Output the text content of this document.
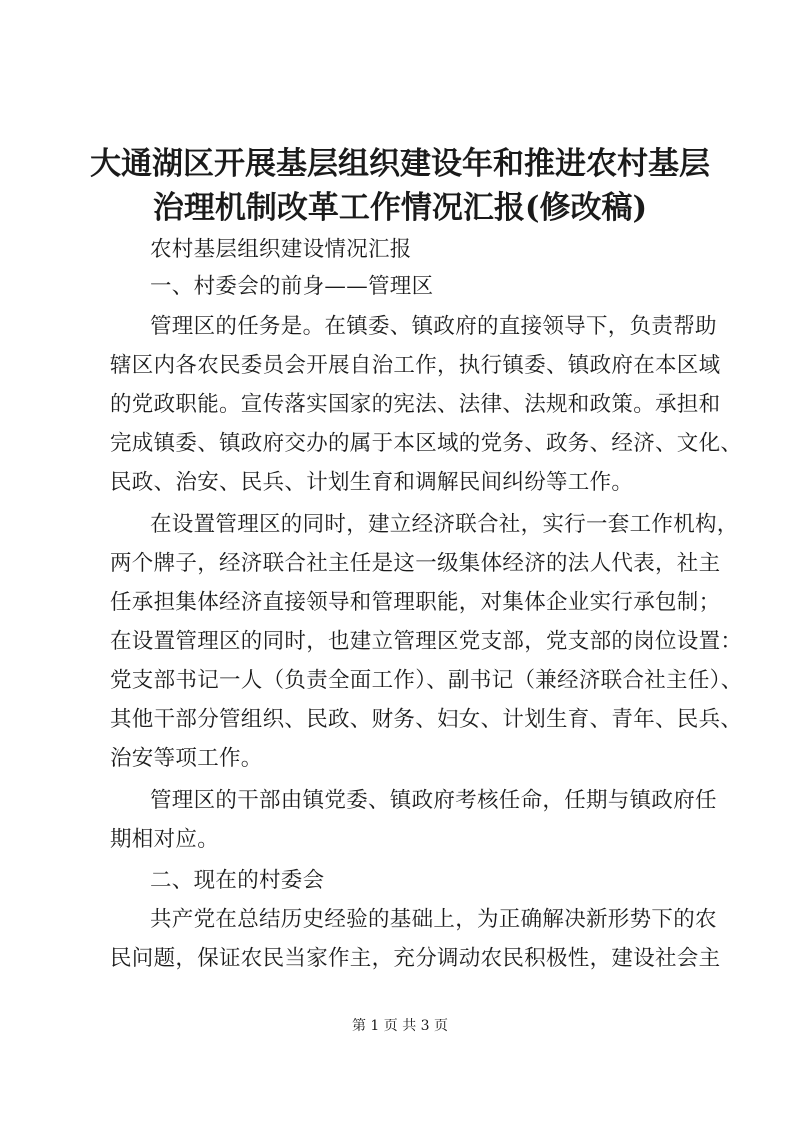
大通湖区开展基层组织建设年和推进农村基层
治理机制改革工作情况汇报(修改稿)
农村基层组织建设情况汇报
一、村委会的前身——管理区
管理区的任务是。在镇委、镇政府的直接领导下，负责帮助
辖区内各农民委员会开展自治工作，执行镇委、镇政府在本区域
的党政职能。宣传落实国家的宪法、法律、法规和政策。承担和
完成镇委、镇政府交办的属于本区域的党务、政务、经济、文化、
民政、治安、民兵、计划生育和调解民间纠纷等工作。
在设置管理区的同时，建立经济联合社，实行一套工作机构，
两个牌子，经济联合社主任是这一级集体经济的法人代表，社主
任承担集体经济直接领导和管理职能，对集体企业实行承包制；
在设置管理区的同时，也建立管理区党支部，党支部的岗位设置：
党支部书记一人（负责全面工作）、副书记（兼经济联合社主任）、
其他干部分管组织、民政、财务、妇女、计划生育、青年、民兵、
治安等项工作。
管理区的干部由镇党委、镇政府考核任命，任期与镇政府任
期相对应。
二、现在的村委会
共产党在总结历史经验的基础上，为正确解决新形势下的农
民问题，保证农民当家作主，充分调动农民积极性，建设社会主
第 1 页 共 3 页
